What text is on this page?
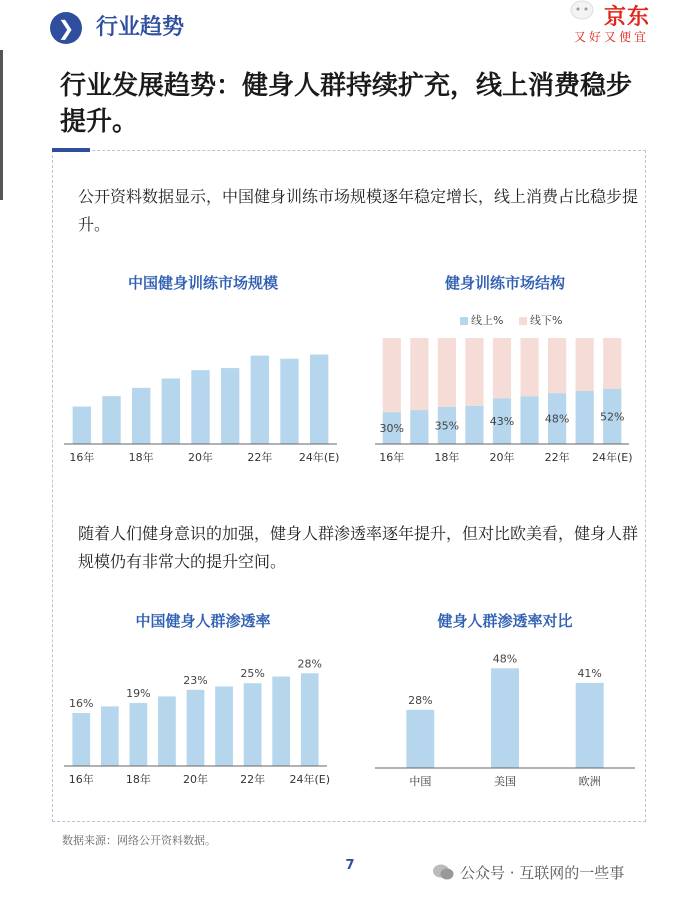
❯ 行业趋势	京东
又好又便宜
行业发展趋势：健身人群持续扩充，线上消费稳步提升。
公开资料数据显示，中国健身训练市场规模逐年稳定增长，线上消费占比稳步提升。
随着人们健身意识的加强，健身人群渗透率逐年提升，但对比欧美看，健身人群规模仍有非常大的提升空间。
中国健身训练市场规模
16年	18年	20年	22年 24年(E)
健身训练市场结构
线上% 线下%
16年	18年	20年	22年 24年(E)
30%	35%	43%	48%	52%
中国健身人群渗透率
16年	18年	20年	22年 24年(E)
16%
19%
23%
25%
28%
健身人群渗透率对比
中国	美国	欧洲
28%
48%
41%
数据来源：网络公开资料数据。
7	公众号 · 互联网的一些事
